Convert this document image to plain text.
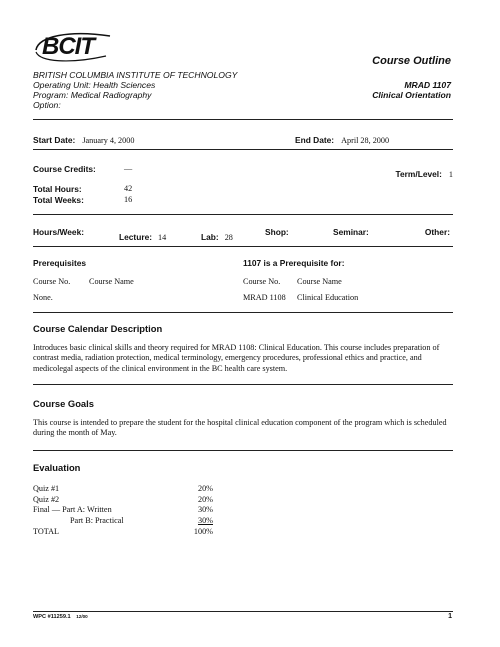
BCIT
Course Outline
BRITISH COLUMBIA INSTITUTE OF TECHNOLOGY
Operating Unit: Health Sciences
Program: Medical Radiography
Option:
MRAD 1107
Clinical Orientation
Start Date: January 4, 2000	End Date: April 28, 2000
Course Credits:	—
Term/Level: 1
Total Hours:	42
Total Weeks:	16
Hours/Week:	Lecture: 14	Lab: 28
Shop:	Seminar:	Other:
Prerequisites
Course No. Course Name
None.
1107 is a Prerequisite for:
Course No. Course Name
MRAD 1108 Clinical Education
Course Calendar Description
Introduces basic clinical skills and theory required for MRAD 1108: Clinical Education. This course includes preparation of contrast media, radiation protection, medical terminology, emergency procedures, professional ethics and practice, and medicolegal aspects of the clinical environment in the BC health care system.
Course Goals
This course is intended to prepare the student for the hospital clinical education component of the program which is scheduled during the month of May.
Evaluation
Quiz #1	20%
Quiz #2	20%
Final — Part A: Written	30%
Part B: Practical	30%
TOTAL	100%
WPC #11259.1 12/00	1
